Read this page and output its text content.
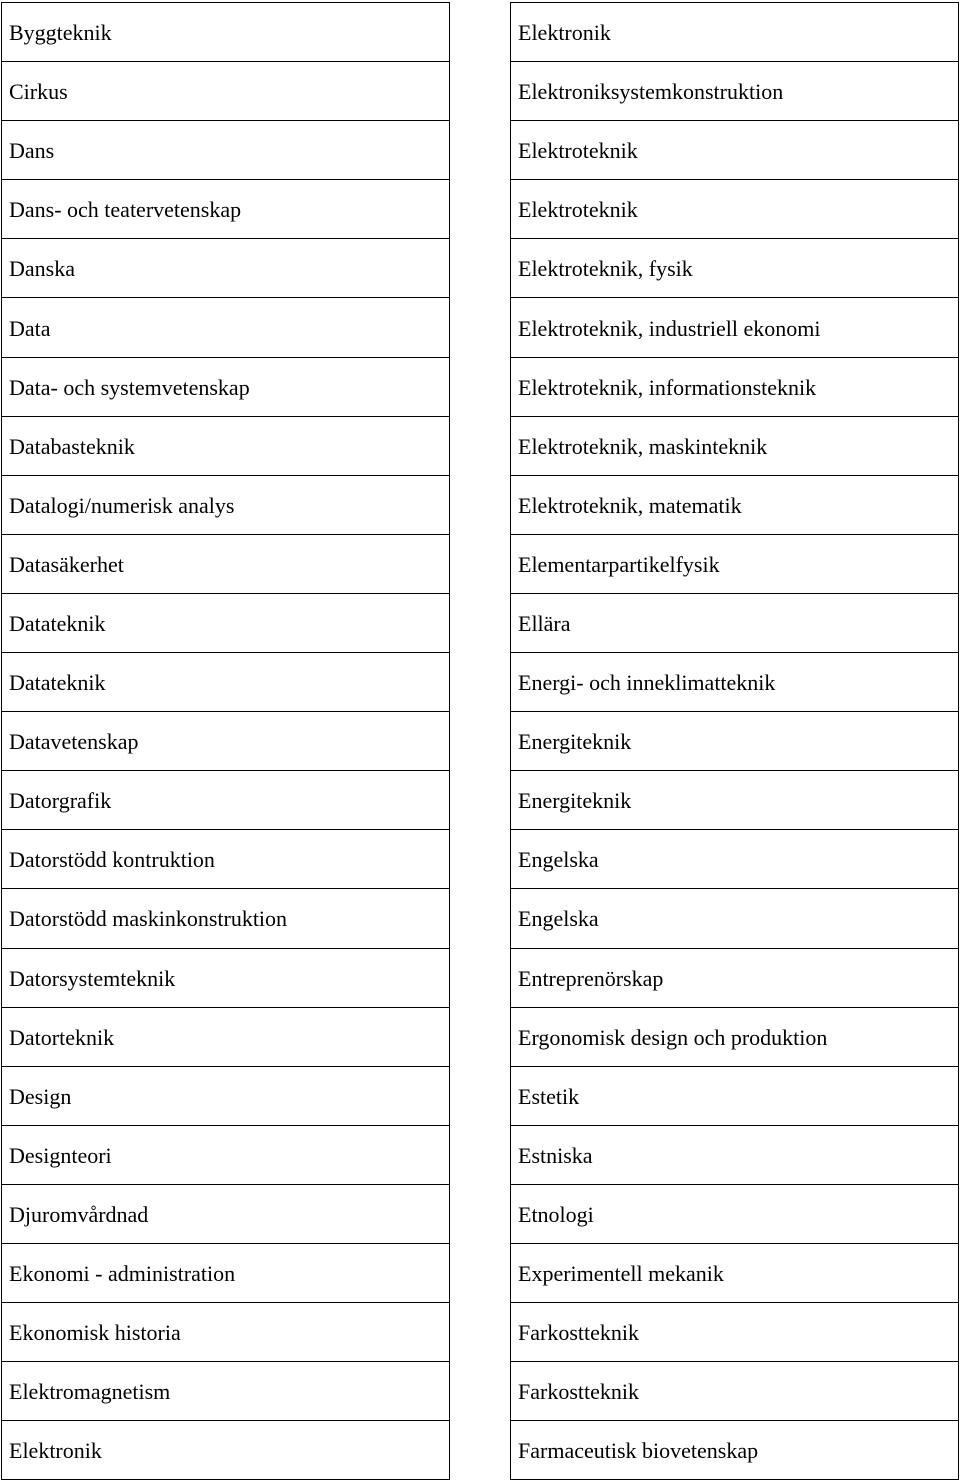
Byggteknik
Cirkus
Dans
Dans- och teatervetenskap
Danska
Data
Data- och systemvetenskap
Databasteknik
Datalogi/numerisk analys
Datasäkerhet
Datateknik
Datateknik
Datavetenskap
Datorgrafik
Datorstödd kontruktion
Datorstödd maskinkonstruktion
Datorsystemteknik
Datorteknik
Design
Designteori
Djuromvårdnad
Ekonomi - administration
Ekonomisk historia
Elektromagnetism
Elektronik
Elektronik
Elektroniksystemkonstruktion
Elektroteknik
Elektroteknik
Elektroteknik, fysik
Elektroteknik, industriell ekonomi
Elektroteknik, informationsteknik
Elektroteknik, maskinteknik
Elektroteknik, matematik
Elementarpartikelfysik
Ellära
Energi- och inneklimatteknik
Energiteknik
Energiteknik
Engelska
Engelska
Entreprenörskap
Ergonomisk design och produktion
Estetik
Estniska
Etnologi
Experimentell mekanik
Farkostteknik
Farkostteknik
Farmaceutisk biovetenskap
